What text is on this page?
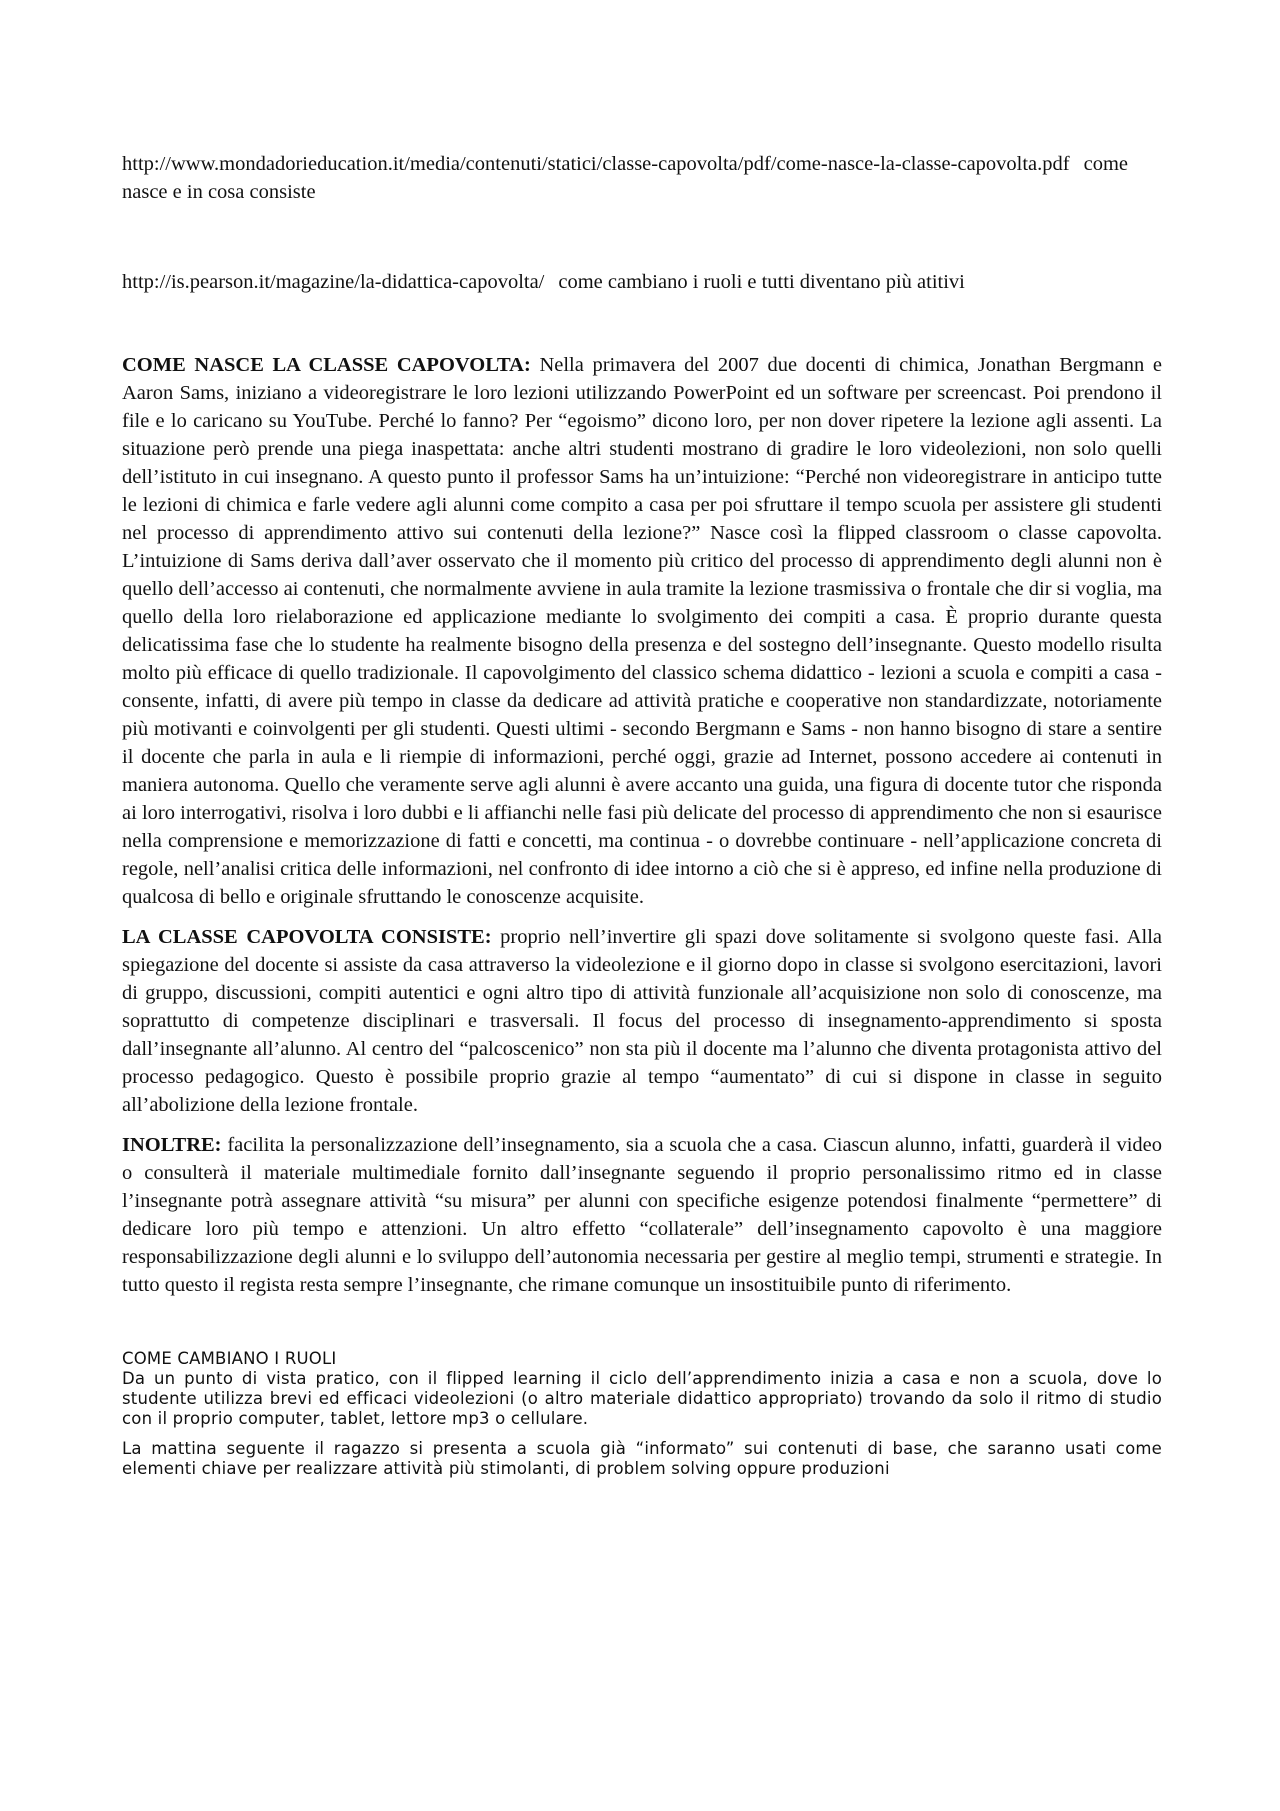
http://www.mondadorieducation.it/media/contenuti/statici/classe-capovolta/pdf/come-nasce-la-classe-capovolta.pdf come nasce e in cosa consiste

http://is.pearson.it/magazine/la-didattica-capovolta/ come cambiano i ruoli e tutti diventano più atitivi

COME NASCE LA CLASSE CAPOVOLTA: Nella primavera del 2007 due docenti di chimica, Jonathan Bergmann e Aaron Sams, iniziano a videoregistrare le loro lezioni utilizzando PowerPoint ed un software per screencast. Poi prendono il file e lo caricano su YouTube. Perché lo fanno? Per “egoismo” dicono loro, per non dover ripetere la lezione agli assenti. La situazione però prende una piega inaspettata: anche altri studenti mostrano di gradire le loro videolezioni, non solo quelli dell’istituto in cui insegnano. A questo punto il professor Sams ha un’intuizione: “Perché non videoregistrare in anticipo tutte le lezioni di chimica e farle vedere agli alunni come compito a casa per poi sfruttare il tempo scuola per assistere gli studenti nel processo di apprendimento attivo sui contenuti della lezione?” Nasce così la flipped classroom o classe capovolta. L’intuizione di Sams deriva dall’aver osservato che il momento più critico del processo di apprendimento degli alunni non è quello dell’accesso ai contenuti, che normalmente avviene in aula tramite la lezione trasmissiva o frontale che dir si voglia, ma quello della loro rielaborazione ed applicazione mediante lo svolgimento dei compiti a casa. È proprio durante questa delicatissima fase che lo studente ha realmente bisogno della presenza e del sostegno dell’insegnante. Questo modello risulta molto più efficace di quello tradizionale. Il capovolgimento del classico schema didattico - lezioni a scuola e compiti a casa - consente, infatti, di avere più tempo in classe da dedicare ad attività pratiche e cooperative non standardizzate, notoriamente più motivanti e coinvolgenti per gli studenti. Questi ultimi - secondo Bergmann e Sams - non hanno bisogno di stare a sentire il docente che parla in aula e li riempie di informazioni, perché oggi, grazie ad Internet, possono accedere ai contenuti in maniera autonoma. Quello che veramente serve agli alunni è avere accanto una guida, una figura di docente tutor che risponda ai loro interrogativi, risolva i loro dubbi e li affianchi nelle fasi più delicate del processo di apprendimento che non si esaurisce nella comprensione e memorizzazione di fatti e concetti, ma continua - o dovrebbe continuare - nell’applicazione concreta di regole, nell’analisi critica delle informazioni, nel confronto di idee intorno a ciò che si è appreso, ed infine nella produzione di qualcosa di bello e originale sfruttando le conoscenze acquisite.

LA CLASSE CAPOVOLTA CONSISTE: proprio nell’invertire gli spazi dove solitamente si svolgono queste fasi. Alla spiegazione del docente si assiste da casa attraverso la videolezione e il giorno dopo in classe si svolgono esercitazioni, lavori di gruppo, discussioni, compiti autentici e ogni altro tipo di attività funzionale all’acquisizione non solo di conoscenze, ma soprattutto di competenze disciplinari e trasversali. Il focus del processo di insegnamento-apprendimento si sposta dall’insegnante all’alunno. Al centro del “palcoscenico” non sta più il docente ma l’alunno che diventa protagonista attivo del processo pedagogico. Questo è possibile proprio grazie al tempo “aumentato” di cui si dispone in classe in seguito all’abolizione della lezione frontale.

INOLTRE: facilita la personalizzazione dell’insegnamento, sia a scuola che a casa. Ciascun alunno, infatti, guarderà il video o consulterà il materiale multimediale fornito dall’insegnante seguendo il proprio personalissimo ritmo ed in classe l’insegnante potrà assegnare attività “su misura” per alunni con specifiche esigenze potendosi finalmente “permettere” di dedicare loro più tempo e attenzioni. Un altro effetto “collaterale” dell’insegnamento capovolto è una maggiore responsabilizzazione degli alunni e lo sviluppo dell’autonomia necessaria per gestire al meglio tempi, strumenti e strategie. In tutto questo il regista resta sempre l’insegnante, che rimane comunque un insostituibile punto di riferimento.

COME CAMBIANO I RUOLI

Da un punto di vista pratico, con il flipped learning il ciclo dell’apprendimento inizia a casa e non a scuola, dove lo studente utilizza brevi ed efficaci videolezioni (o altro materiale didattico appropriato) trovando da solo il ritmo di studio con il proprio computer, tablet, lettore mp3 o cellulare.

La mattina seguente il ragazzo si presenta a scuola già “informato” sui contenuti di base, che saranno usati come elementi chiave per realizzare attività più stimolanti, di problem solving oppure produzioni
